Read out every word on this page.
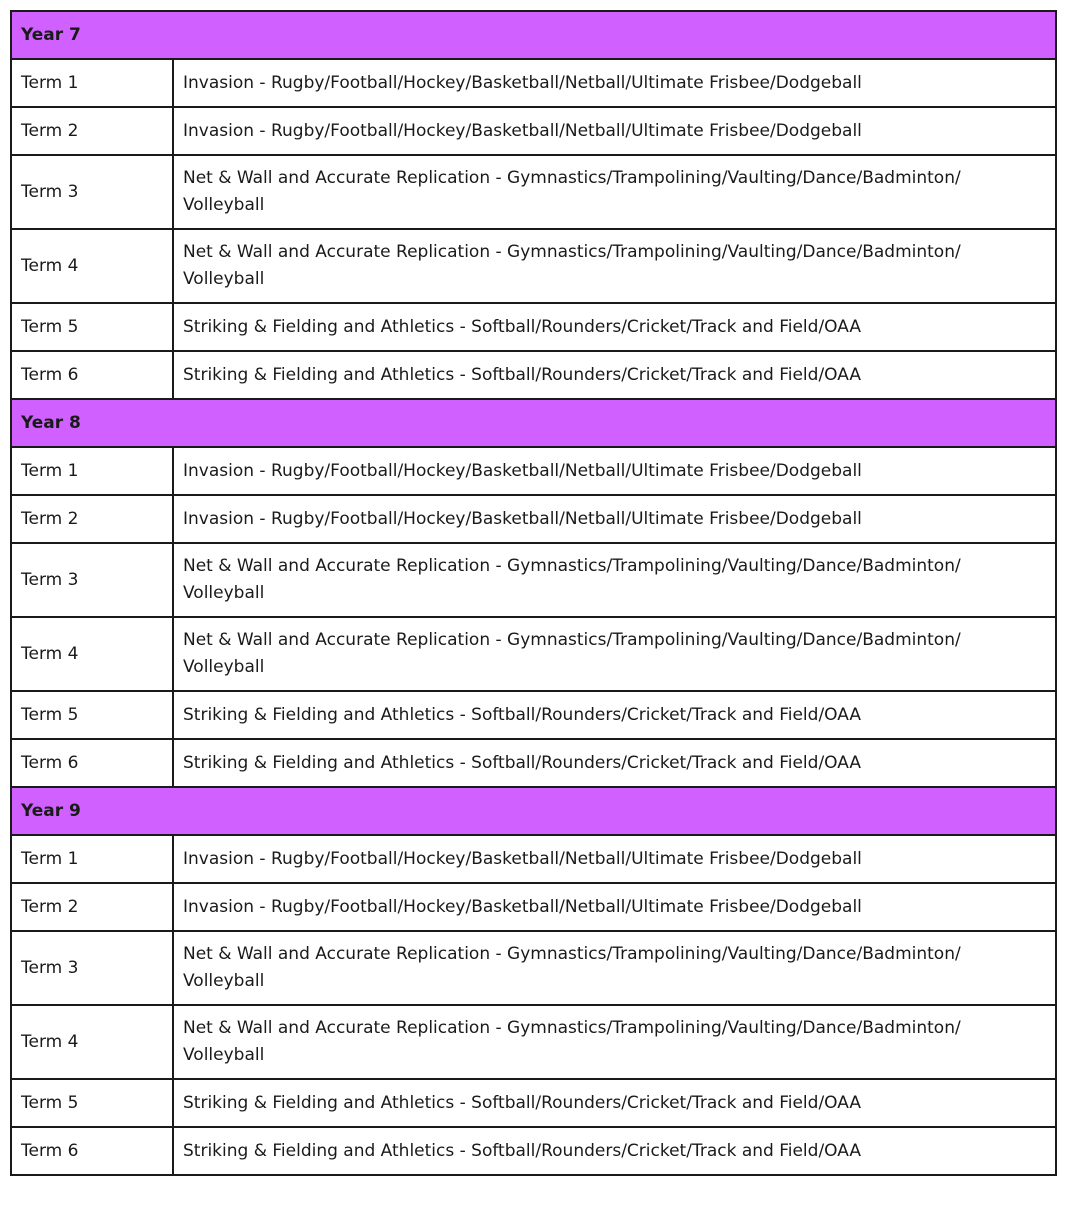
Year 7	
Term 1	Invasion - Rugby/Football/Hockey/Basketball/Netball/Ultimate Frisbee/Dodgeball
Term 2	Invasion - Rugby/Football/Hockey/Basketball/Netball/Ultimate Frisbee/Dodgeball
Term 3	Net & Wall and Accurate Replication - Gymnastics/Trampolining/Vaulting/Dance/Badminton/ Volleyball
Term 4	Net & Wall and Accurate Replication - Gymnastics/Trampolining/Vaulting/Dance/Badminton/ Volleyball
Term 5	Striking & Fielding and Athletics - Softball/Rounders/Cricket/Track and Field/OAA
Term 6	Striking & Fielding and Athletics - Softball/Rounders/Cricket/Track and Field/OAA
Year 8	
Term 1	Invasion - Rugby/Football/Hockey/Basketball/Netball/Ultimate Frisbee/Dodgeball
Term 2	Invasion - Rugby/Football/Hockey/Basketball/Netball/Ultimate Frisbee/Dodgeball
Term 3	Net & Wall and Accurate Replication - Gymnastics/Trampolining/Vaulting/Dance/Badminton/ Volleyball
Term 4	Net & Wall and Accurate Replication - Gymnastics/Trampolining/Vaulting/Dance/Badminton/ Volleyball
Term 5	Striking & Fielding and Athletics - Softball/Rounders/Cricket/Track and Field/OAA
Term 6	Striking & Fielding and Athletics - Softball/Rounders/Cricket/Track and Field/OAA
Year 9	
Term 1	Invasion - Rugby/Football/Hockey/Basketball/Netball/Ultimate Frisbee/Dodgeball
Term 2	Invasion - Rugby/Football/Hockey/Basketball/Netball/Ultimate Frisbee/Dodgeball
Term 3	Net & Wall and Accurate Replication - Gymnastics/Trampolining/Vaulting/Dance/Badminton/ Volleyball
Term 4	Net & Wall and Accurate Replication - Gymnastics/Trampolining/Vaulting/Dance/Badminton/ Volleyball
Term 5	Striking & Fielding and Athletics - Softball/Rounders/Cricket/Track and Field/OAA
Term 6	Striking & Fielding and Athletics - Softball/Rounders/Cricket/Track and Field/OAA
